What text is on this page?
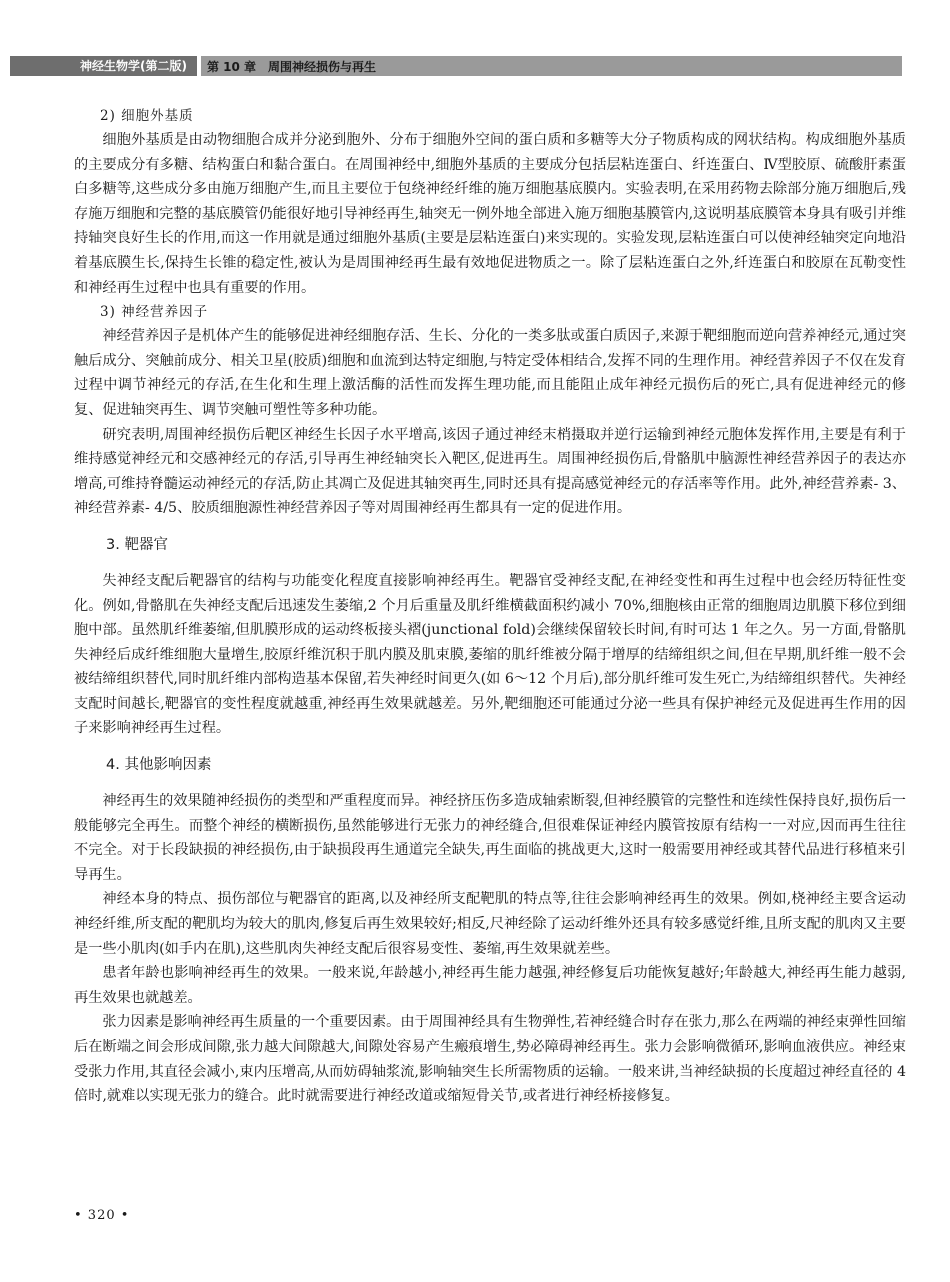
神经生物学(第二版)	第 10 章　周围神经损伤与再生
2) 细胞外基质

细胞外基质是由动物细胞合成并分泌到胞外、分布于细胞外空间的蛋白质和多糖等大分子物质构成的网状结构。构成细胞外基质的主要成分有多糖、结构蛋白和黏合蛋白。在周围神经中,细胞外基质的主要成分包括层粘连蛋白、纤连蛋白、Ⅳ型胶原、硫酸肝素蛋白多糖等,这些成分多由施万细胞产生,而且主要位于包绕神经纤维的施万细胞基底膜内。实验表明,在采用药物去除部分施万细胞后,残存施万细胞和完整的基底膜管仍能很好地引导神经再生,轴突无一例外地全部进入施万细胞基膜管内,这说明基底膜管本身具有吸引并维持轴突良好生长的作用,而这一作用就是通过细胞外基质(主要是层粘连蛋白)来实现的。实验发现,层粘连蛋白可以使神经轴突定向地沿着基底膜生长,保持生长锥的稳定性,被认为是周围神经再生最有效地促进物质之一。除了层粘连蛋白之外,纤连蛋白和胶原在瓦勒变性和神经再生过程中也具有重要的作用。

3) 神经营养因子

神经营养因子是机体产生的能够促进神经细胞存活、生长、分化的一类多肽或蛋白质因子,来源于靶细胞而逆向营养神经元,通过突触后成分、突触前成分、相关卫星(胶质)细胞和血流到达特定细胞,与特定受体相结合,发挥不同的生理作用。神经营养因子不仅在发育过程中调节神经元的存活,在生化和生理上激活酶的活性而发挥生理功能,而且能阻止成年神经元损伤后的死亡,具有促进神经元的修复、促进轴突再生、调节突触可塑性等多种功能。

研究表明,周围神经损伤后靶区神经生长因子水平增高,该因子通过神经末梢摄取并逆行运输到神经元胞体发挥作用,主要是有利于维持感觉神经元和交感神经元的存活,引导再生神经轴突长入靶区,促进再生。周围神经损伤后,骨骼肌中脑源性神经营养因子的表达亦增高,可维持脊髓运动神经元的存活,防止其凋亡及促进其轴突再生,同时还具有提高感觉神经元的存活率等作用。此外,神经营养素- 3、神经营养素- 4/5、胶质细胞源性神经营养因子等对周围神经再生都具有一定的促进作用。

3. 靶器官

失神经支配后靶器官的结构与功能变化程度直接影响神经再生。靶器官受神经支配,在神经变性和再生过程中也会经历特征性变化。例如,骨骼肌在失神经支配后迅速发生萎缩,2 个月后重量及肌纤维横截面积约减小 70%,细胞核由正常的细胞周边肌膜下移位到细胞中部。虽然肌纤维萎缩,但肌膜形成的运动终板接头褶(junctional fold)会继续保留较长时间,有时可达 1 年之久。另一方面,骨骼肌失神经后成纤维细胞大量增生,胶原纤维沉积于肌内膜及肌束膜,萎缩的肌纤维被分隔于增厚的结缔组织之间,但在早期,肌纤维一般不会被结缔组织替代,同时肌纤维内部构造基本保留,若失神经时间更久(如 6～12 个月后),部分肌纤维可发生死亡,为结缔组织替代。失神经支配时间越长,靶器官的变性程度就越重,神经再生效果就越差。另外,靶细胞还可能通过分泌一些具有保护神经元及促进再生作用的因子来影响神经再生过程。

4. 其他影响因素

神经再生的效果随神经损伤的类型和严重程度而异。神经挤压伤多造成轴索断裂,但神经膜管的完整性和连续性保持良好,损伤后一般能够完全再生。而整个神经的横断损伤,虽然能够进行无张力的神经缝合,但很难保证神经内膜管按原有结构一一对应,因而再生往往不完全。对于长段缺损的神经损伤,由于缺损段再生通道完全缺失,再生面临的挑战更大,这时一般需要用神经或其替代品进行移植来引导再生。

神经本身的特点、损伤部位与靶器官的距离,以及神经所支配靶肌的特点等,往往会影响神经再生的效果。例如,桡神经主要含运动神经纤维,所支配的靶肌均为较大的肌肉,修复后再生效果较好;相反,尺神经除了运动纤维外还具有较多感觉纤维,且所支配的肌肉又主要是一些小肌肉(如手内在肌),这些肌肉失神经支配后很容易变性、萎缩,再生效果就差些。

患者年龄也影响神经再生的效果。一般来说,年龄越小,神经再生能力越强,神经修复后功能恢复越好;年龄越大,神经再生能力越弱,再生效果也就越差。

张力因素是影响神经再生质量的一个重要因素。由于周围神经具有生物弹性,若神经缝合时存在张力,那么在两端的神经束弹性回缩后在断端之间会形成间隙,张力越大间隙越大,间隙处容易产生瘢痕增生,势必障碍神经再生。张力会影响微循环,影响血液供应。神经束受张力作用,其直径会减小,束内压增高,从而妨碍轴浆流,影响轴突生长所需物质的运输。一般来讲,当神经缺损的长度超过神经直径的 4 倍时,就难以实现无张力的缝合。此时就需要进行神经改道或缩短骨关节,或者进行神经桥接修复。

• 320 •
